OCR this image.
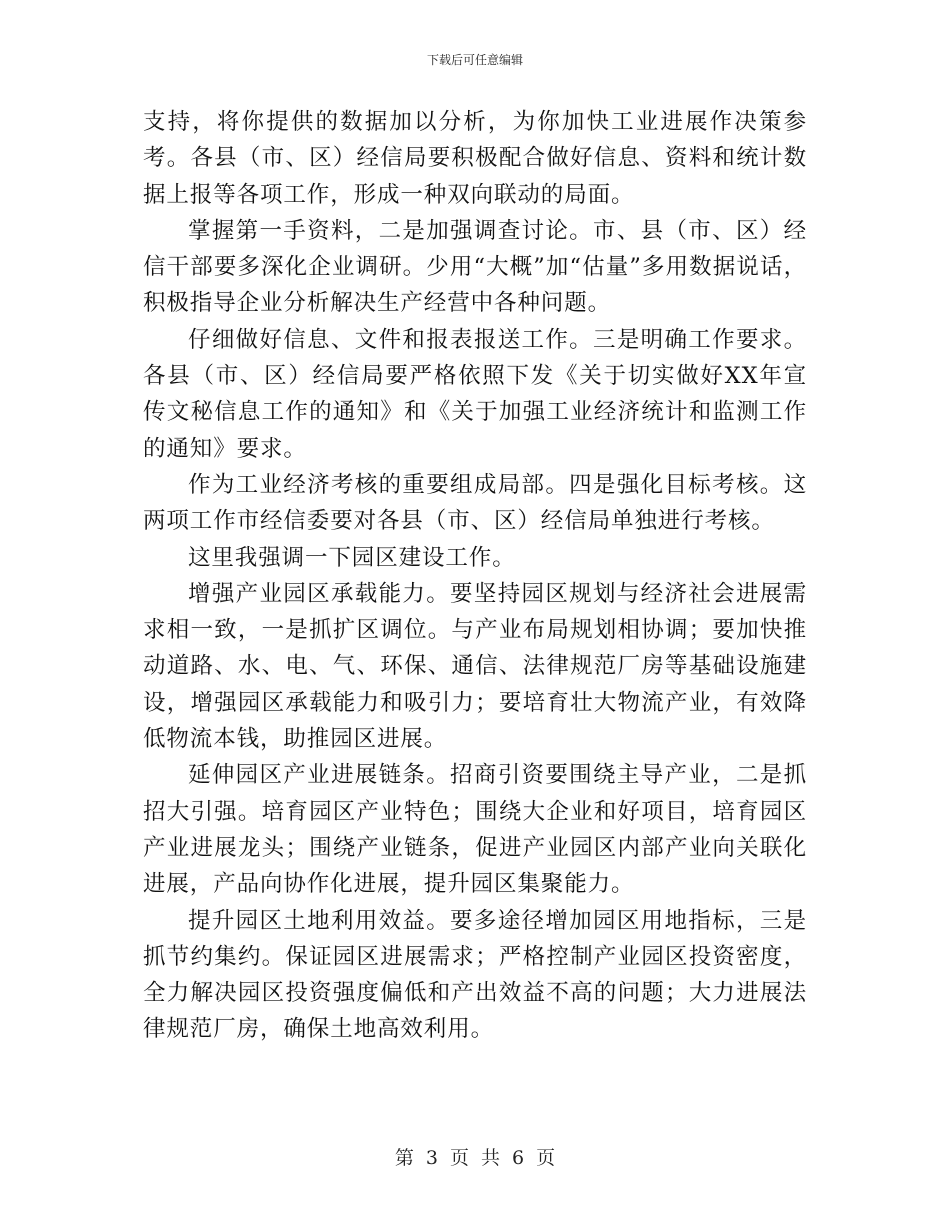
下载后可任意编辑

支持，将你提供的数据加以分析，为你加快工业进展作决策参考。各县（市、区）经信局要积极配合做好信息、资料和统计数据上报等各项工作，形成一种双向联动的局面。

掌握第一手资料，二是加强调查讨论。市、县（市、区）经信干部要多深化企业调研。少用“大概”加“估量”多用数据说话，积极指导企业分析解决生产经营中各种问题。

仔细做好信息、文件和报表报送工作。三是明确工作要求。各县（市、区）经信局要严格依照下发《关于切实做好XX年宣传文秘信息工作的通知》和《关于加强工业经济统计和监测工作的通知》要求。

作为工业经济考核的重要组成局部。四是强化目标考核。这两项工作市经信委要对各县（市、区）经信局单独进行考核。

这里我强调一下园区建设工作。

增强产业园区承载能力。要坚持园区规划与经济社会进展需求相一致，一是抓扩区调位。与产业布局规划相协调；要加快推动道路、水、电、气、环保、通信、法律规范厂房等基础设施建设，增强园区承载能力和吸引力；要培育壮大物流产业，有效降低物流本钱，助推园区进展。

延伸园区产业进展链条。招商引资要围绕主导产业，二是抓招大引强。培育园区产业特色；围绕大企业和好项目，培育园区产业进展龙头；围绕产业链条，促进产业园区内部产业向关联化进展，产品向协作化进展，提升园区集聚能力。

提升园区土地利用效益。要多途径增加园区用地指标，三是抓节约集约。保证园区进展需求；严格控制产业园区投资密度，全力解决园区投资强度偏低和产出效益不高的问题；大力进展法律规范厂房，确保土地高效利用。

第 3 页 共 6 页
